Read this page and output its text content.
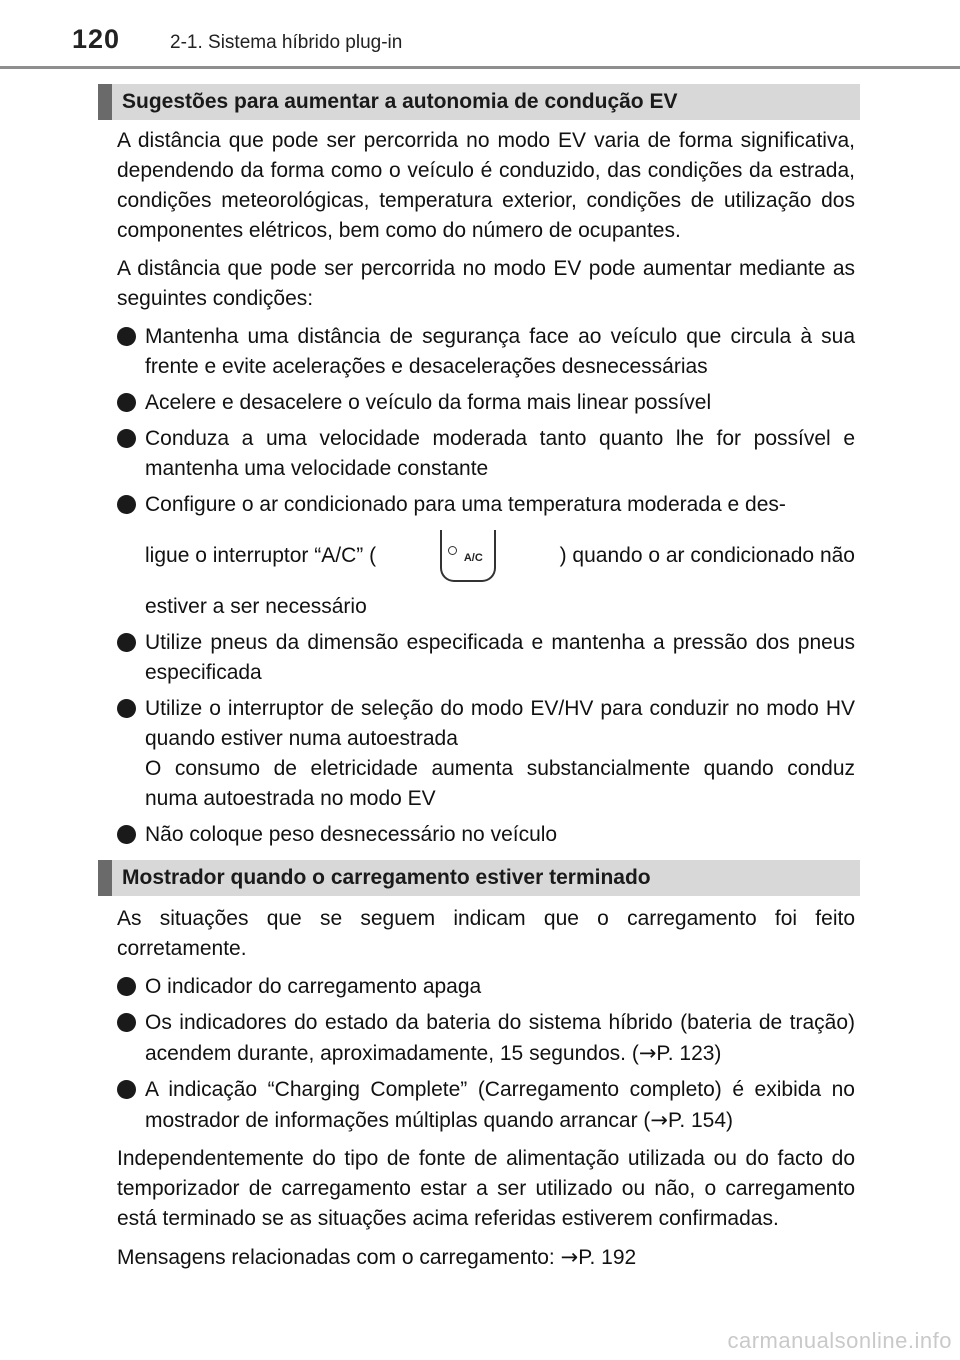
120	2-1. Sistema híbrido plug-in
Sugestões para aumentar a autonomia de condução EV

A distância que pode ser percorrida no modo EV varia de forma significativa, dependendo da forma como o veículo é conduzido, das condições da estrada, condições meteorológicas, temperatura exterior, condições de utilização dos componentes elétricos, bem como do número de ocupantes.

A distância que pode ser percorrida no modo EV pode aumentar mediante as seguintes condições:

Mantenha uma distância de segurança face ao veículo que circula à sua frente e evite acelerações e desacelerações desnecessárias
Acelere e desacelere o veículo da forma mais linear possível
Conduza a uma velocidade moderada tanto quanto lhe for possível e mantenha uma velocidade constante
Configure o ar condicionado para uma temperatura moderada e des-
ligue o interruptor “A/C” (	A/C	) quando o ar condicionado não
estiver a ser necessário
Utilize pneus da dimensão especificada e mantenha a pressão dos pneus especificada
Utilize o interruptor de seleção do modo EV/HV para conduzir no modo HV quando estiver numa autoestrada
O consumo de eletricidade aumenta substancialmente quando conduz numa autoestrada no modo EV
Não coloque peso desnecessário no veículo
Mostrador quando o carregamento estiver terminado

As situações que se seguem indicam que o carregamento foi feito corretamente.

O indicador do carregamento apaga
Os indicadores do estado da bateria do sistema híbrido (bateria de tração) acendem durante, aproximadamente, 15 segundos. (→P. 123)
A indicação “Charging Complete” (Carregamento completo) é exibida no mostrador de informações múltiplas quando arrancar (→P. 154)

Independentemente do tipo de fonte de alimentação utilizada ou do facto do temporizador de carregamento estar a ser utilizado ou não, o carregamento está terminado se as situações acima referidas estiverem confirmadas.

Mensagens relacionadas com o carregamento: →P. 192

carmanualsonline.info
